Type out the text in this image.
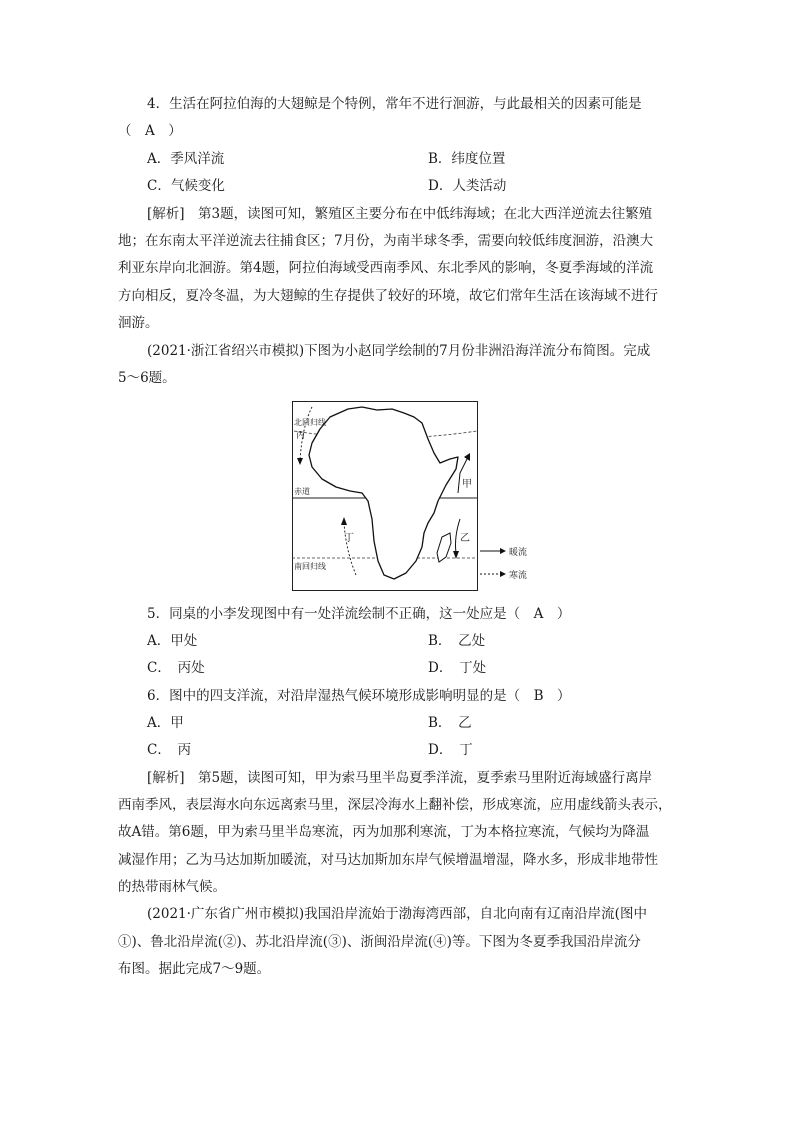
4．生活在阿拉伯海的大翅鲸是个特例，常年不进行洄游，与此最相关的因素可能是
（　A　）
A．季风洋流	B．纬度位置
C．气候变化	D．人类活动
[解析]　第3题，读图可知，繁殖区主要分布在中低纬海域；在北大西洋逆流去往繁殖
地；在东南太平洋逆流去往捕食区；7月份，为南半球冬季，需要向较低纬度洄游，沿澳大
利亚东岸向北洄游。第4题，阿拉伯海域受西南季风、东北季风的影响，冬夏季海域的洋流
方向相反，夏冷冬温，为大翅鲸的生存提供了较好的环境，故它们常年生活在该海域不进行
洄游。
(2021·浙江省绍兴市模拟)下图为小赵同学绘制的7月份非洲沿海洋流分布简图。完成
5～6题。
北回归线
丙
甲
赤道
丁	乙
南回归线
暖流
寒流
5．同桌的小李发现图中有一处洋流绘制不正确，这一处应是（　A　）
A．甲处	B．　乙处
C．　丙处	D．　丁处
6．图中的四支洋流，对沿岸湿热气候环境形成影响明显的是（　B　）
A．甲	B．　乙
C．　丙	D．　丁
[解析]　第5题，读图可知，甲为索马里半岛夏季洋流，夏季索马里附近海域盛行离岸
西南季风，表层海水向东远离索马里，深层冷海水上翻补偿，形成寒流，应用虚线箭头表示，
故A错。第6题，甲为索马里半岛寒流，丙为加那利寒流，丁为本格拉寒流，气候均为降温
减湿作用；乙为马达加斯加暖流，对马达加斯加东岸气候增温增湿，降水多，形成非地带性
的热带雨林气候。
(2021·广东省广州市模拟)我国沿岸流始于渤海湾西部，自北向南有辽南沿岸流(图中
①)、鲁北沿岸流(②)、苏北沿岸流(③)、浙闽沿岸流(④)等。下图为冬夏季我国沿岸流分
布图。据此完成7～9题。
